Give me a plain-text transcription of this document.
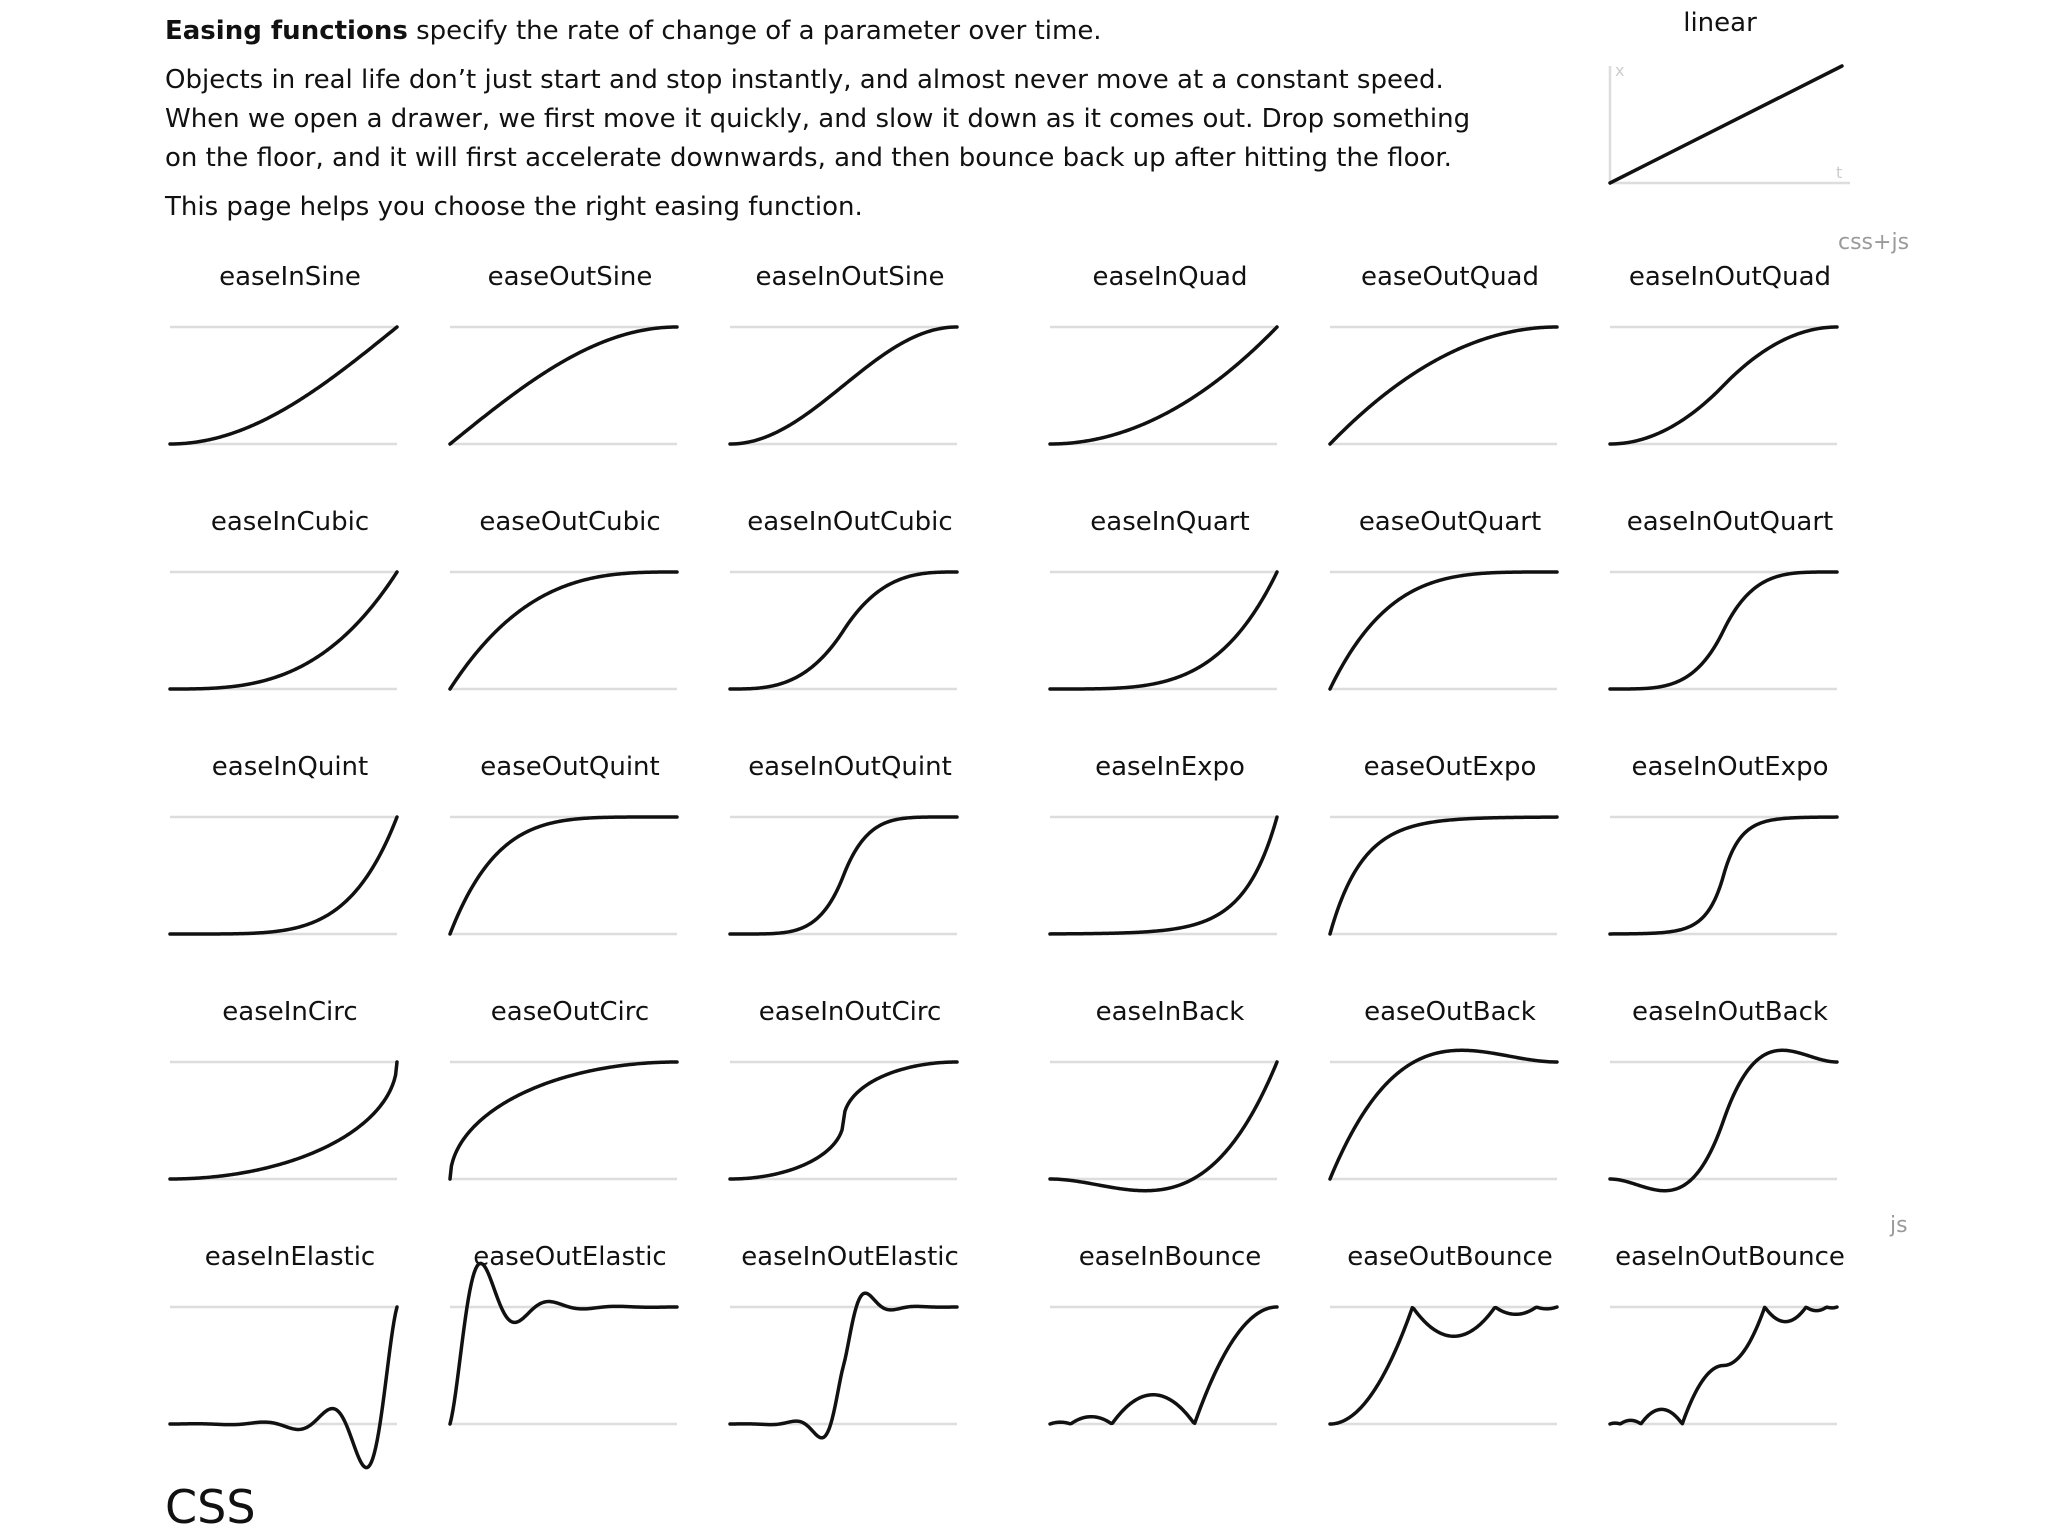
Easing functions specify the rate of change of a parameter over time.

Objects in real life don’t just start and stop instantly, and almost never move at a constant speed. When we open a drawer, we first move it quickly, and slow it down as it comes out. Drop something on the floor, and it will first accelerate downwards, and then bounce back up after hitting the floor.

This page helps you choose the right easing function.

linear
x
t
css+js
js
easeInSine	easeOutSine	easeInOutSine	easeInQuad	easeOutQuad	easeInOutQuad
easeInCubic	easeOutCubic	easeInOutCubic	easeInQuart	easeOutQuart	easeInOutQuart
easeInQuint	easeOutQuint	easeInOutQuint	easeInExpo	easeOutExpo	easeInOutExpo
easeInCirc	easeOutCirc	easeInOutCirc	easeInBack	easeOutBack	easeInOutBack
easeInElastic	easeOutElastic	easeInOutElastic	easeInBounce	easeOutBounce	easeInOutBounce
CSS
